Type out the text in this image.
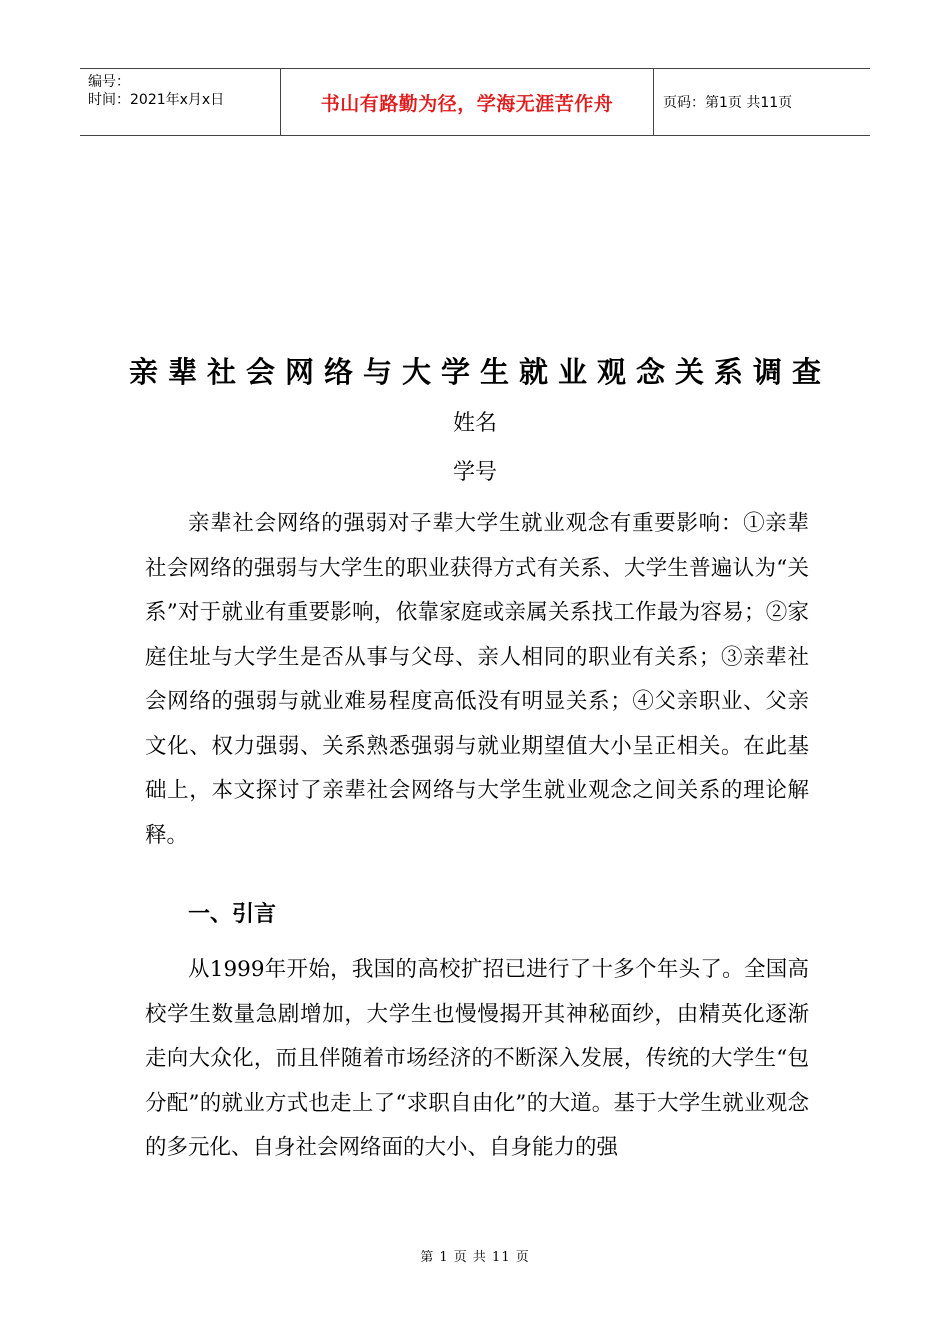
编号：
时间：2021年x月x日	书山有路勤为径，学海无涯苦作舟	页码：第1页 共11页
亲辈社会网络与大学生就业观念关系调查
姓名
学号

亲辈社会网络的强弱对子辈大学生就业观念有重要影响：①亲辈社会网络的强弱与大学生的职业获得方式有关系、大学生普遍认为“关系”对于就业有重要影响，依靠家庭或亲属关系找工作最为容易；②家庭住址与大学生是否从事与父母、亲人相同的职业有关系；③亲辈社会网络的强弱与就业难易程度高低没有明显关系；④父亲职业、父亲文化、权力强弱、关系熟悉强弱与就业期望值大小呈正相关。在此基础上，本文探讨了亲辈社会网络与大学生就业观念之间关系的理论解释。

一、引言

从1999年开始，我国的高校扩招已进行了十多个年头了。全国高校学生数量急剧增加，大学生也慢慢揭开其神秘面纱，由精英化逐渐走向大众化，而且伴随着市场经济的不断深入发展，传统的大学生“包分配”的就业方式也走上了“求职自由化”的大道。基于大学生就业观念的多元化、自身社会网络面的大小、自身能力的强

第 1 页 共 11 页
